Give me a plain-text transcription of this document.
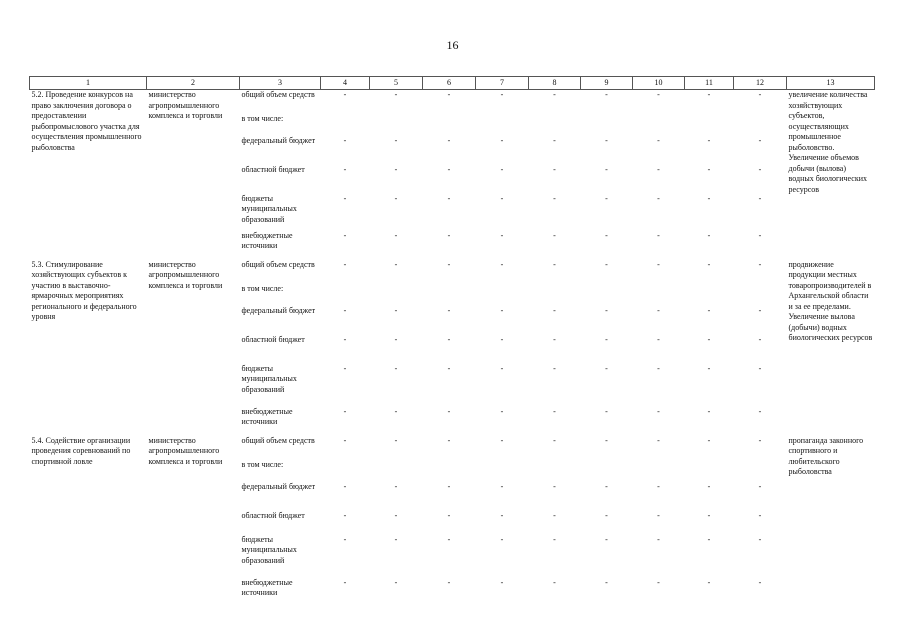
16
1	2	3	4	5	6	7	8	9	10	11	12	13
5.2. Проведение конкурсов на право заключения договора о предоставлении рыбопромыслового участка для осуществления промышленного рыболовства	министерство агропромышленного комплекса и торговли	общий объем средств	-	-	-	-	-	-	-	-	-	увеличение количества хозяйствующих субъектов, осуществляющих промышленное рыболовство. Увеличение объемов добычи (вылова) водных биологических ресурсов
		в том числе:										
		федеральный бюджет	-	-	-	-	-	-	-	-	-	
		областной бюджет	-	-	-	-	-	-	-	-	-	
		бюджеты муниципальных образований	-	-	-	-	-	-	-	-	-	
		внебюджетные источники	-	-	-	-	-	-	-	-	-	
5.3. Стимулирование хозяйствующих субъектов к участию в выставочно-ярмарочных мероприятиях регионального и федерального уровня	министерство агропромышленного комплекса и торговли	общий объем средств	-	-	-	-	-	-	-	-	-	продвижение продукции местных товаропроизводителей в Архангельской области и за ее пределами. Увеличение вылова (добычи) водных биологических ресурсов
		в том числе:										
		федеральный бюджет	-	-	-	-	-	-	-	-	-	
		областной бюджет	-	-	-	-	-	-	-	-	-	
		бюджеты муниципальных образований	-	-	-	-	-	-	-	-	-	
		внебюджетные источники	-	-	-	-	-	-	-	-	-	
5.4. Содействие организации проведения соревнований по спортивной ловле	министерство агропромышленного комплекса и торговли	общий объем средств	-	-	-	-	-	-	-	-	-	пропаганда законного спортивного и любительского рыболовства
		в том числе:										
		федеральный бюджет	-	-	-	-	-	-	-	-	-	
		областной бюджет	-	-	-	-	-	-	-	-	-	
		бюджеты муниципальных образований	-	-	-	-	-	-	-	-	-	
		внебюджетные источники	-	-	-	-	-	-	-	-	-	
